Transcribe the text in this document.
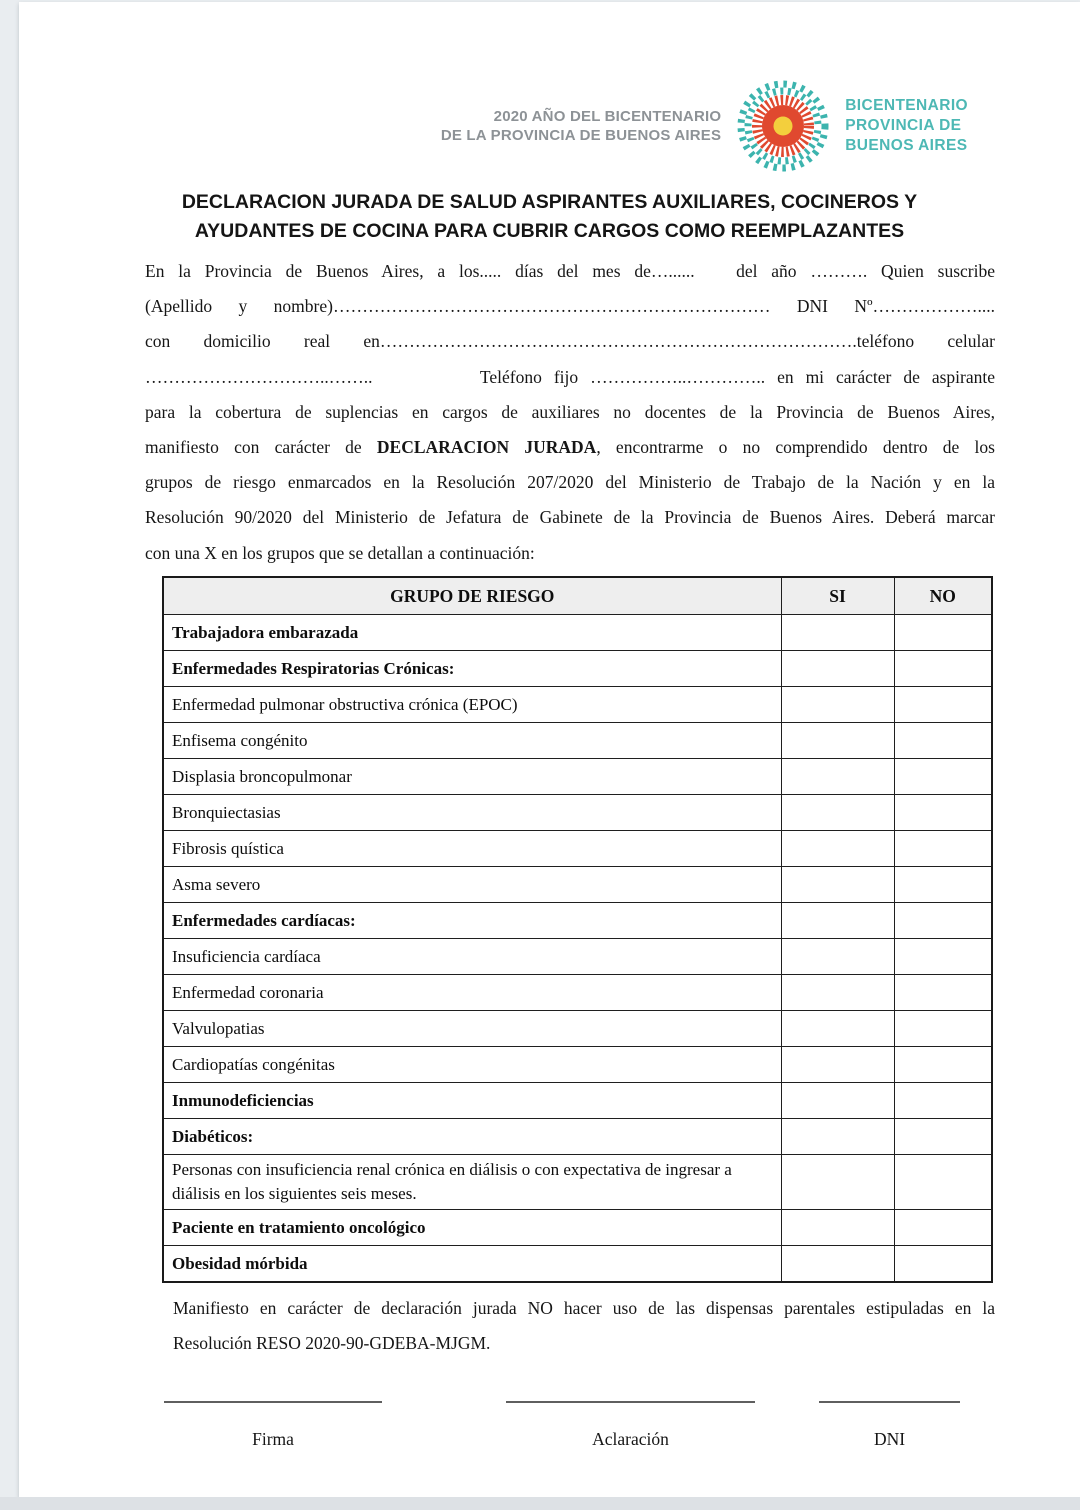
2020 AÑO DEL BICENTENARIO
DE LA PROVINCIA DE BUENOS AIRES
BICENTENARIO
PROVINCIA DE
BUENOS AIRES
DECLARACION JURADA DE SALUD ASPIRANTES AUXILIARES, COCINEROS Y
AYUDANTES DE COCINA PARA CUBRIR CARGOS COMO REEMPLAZANTES
En la Provincia de Buenos Aires, a los..... días del mes de…......   del año ………. Quien suscribe
(Apellido y nombre)………………………………………………………………… DNI Nº………………....
con domicilio real en……………………………………………………………………….teléfono celular
…………………………..……..         Teléfono fijo ……………..………….. en mi carácter de aspirante
para la cobertura de suplencias en cargos de auxiliares no docentes de la Provincia de Buenos Aires,
manifiesto con carácter de DECLARACION JURADA, encontrarme o no comprendido dentro de los
grupos de riesgo enmarcados en la Resolución 207/2020 del Ministerio de Trabajo de la Nación y en la
Resolución 90/2020 del Ministerio de Jefatura de Gabinete de la Provincia de Buenos Aires. Deberá marcar
con una X en los grupos que se detallan a continuación:
GRUPO DE RIESGO	SI	NO
Trabajadora embarazada		
Enfermedades Respiratorias Crónicas:		
Enfermedad pulmonar obstructiva crónica (EPOC)		
Enfisema congénito		
Displasia broncopulmonar		
Bronquiectasias		
Fibrosis quística		
Asma severo		
Enfermedades cardíacas:		
Insuficiencia cardíaca		
Enfermedad coronaria		
Valvulopatias		
Cardiopatías congénitas		
Inmunodeficiencias		
Diabéticos:		
Personas con insuficiencia renal crónica en diálisis o con expectativa de ingresar a diálisis en los siguientes seis meses.		
Paciente en tratamiento oncológico		
Obesidad mórbida		
Manifiesto en carácter de declaración jurada NO hacer uso de las dispensas parentales estipuladas en la
Resolución RESO 2020-90-GDEBA-MJGM.
Firma	Aclaración	DNI
